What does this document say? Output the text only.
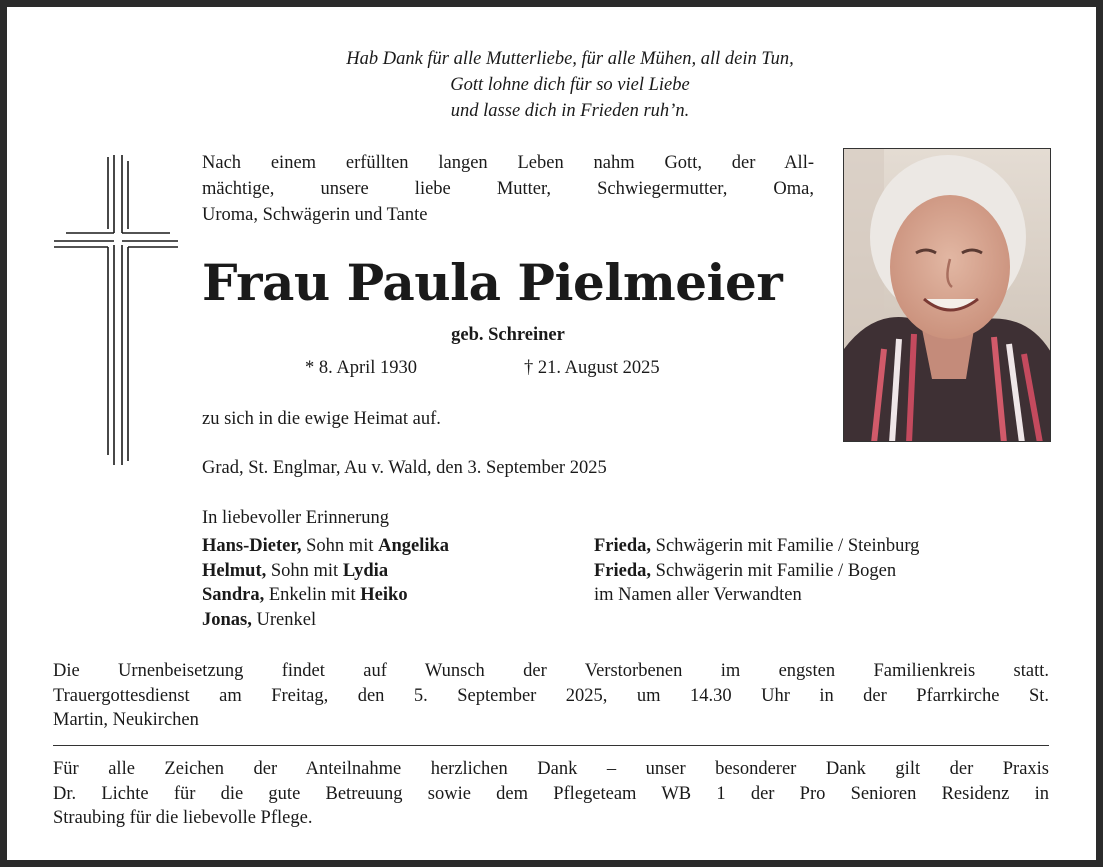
Hab Dank für alle Mutterliebe, für alle Mühen, all dein Tun,
Gott lohne dich für so viel Liebe
und lasse dich in Frieden ruh’n.
Nach einem erfüllten langen Leben nahm Gott, der All-
mächtige, unsere liebe Mutter, Schwiegermutter, Oma,
Uroma, Schwägerin und Tante
Frau Paula Pielmeier
geb. Schreiner
* 8. April 1930	† 21. August 2025
zu sich in die ewige Heimat auf.
Grad, St. Englmar, Au v. Wald, den 3. September 2025
In liebevoller Erinnerung
Hans-Dieter, Sohn mit Angelika
Helmut, Sohn mit Lydia
Sandra, Enkelin mit Heiko
Jonas, Urenkel
Frieda, Schwägerin mit Familie / Steinburg
Frieda, Schwägerin mit Familie / Bogen
im Namen aller Verwandten
Die Urnenbeisetzung findet auf Wunsch der Verstorbenen im engsten Familienkreis statt.
Trauergottesdienst am Freitag, den 5. September 2025, um 14.30 Uhr in der Pfarrkirche St.
Martin, Neukirchen
Für alle Zeichen der Anteilnahme herzlichen Dank – unser besonderer Dank gilt der Praxis
Dr. Lichte für die gute Betreuung sowie dem Pflegeteam WB 1 der Pro Senioren Residenz in
Straubing für die liebevolle Pflege.
